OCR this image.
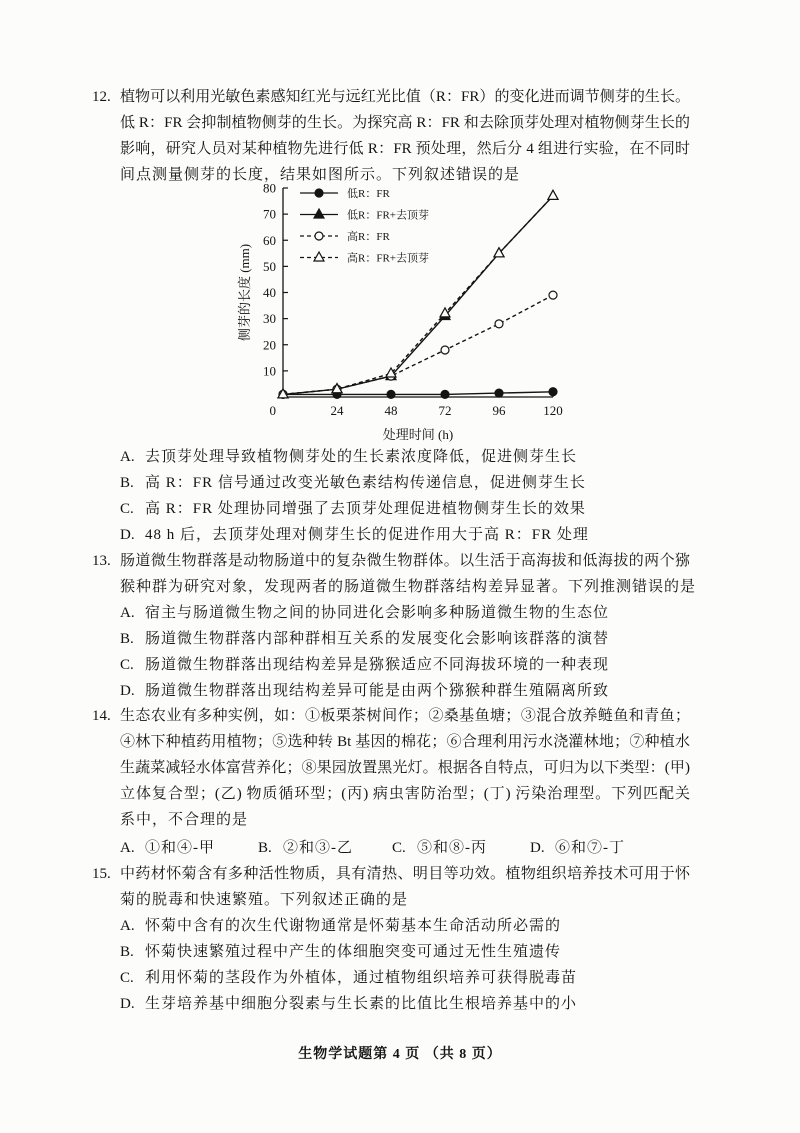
12. 植物可以利用光敏色素感知红光与远红光比值（R：FR）的变化进而调节侧芽的生长。
低 R：FR 会抑制植物侧芽的生长。为探究高 R：FR 和去除顶芽处理对植物侧芽生长的
影响，研究人员对某种植物先进行低 R：FR 预处理，然后分 4 组进行实验，在不同时
间点测量侧芽的长度，结果如图所示。下列叙述错误的是
10
20
30
40
50
60
70
80
0	24	48	72	96	120
处理时间 (h)
侧芽的长度 (mm)
低R：FR
低R：FR+去顶芽
高R：FR
高R：FR+去顶芽
A. 去顶芽处理导致植物侧芽处的生长素浓度降低，促进侧芽生长
B. 高 R：FR 信号通过改变光敏色素结构传递信息，促进侧芽生长
C. 高 R：FR 处理协同增强了去顶芽处理促进植物侧芽生长的效果
D. 48 h 后，去顶芽处理对侧芽生长的促进作用大于高 R：FR 处理
13. 肠道微生物群落是动物肠道中的复杂微生物群体。以生活于高海拔和低海拔的两个猕
猴种群为研究对象，发现两者的肠道微生物群落结构差异显著。下列推测错误的是
A. 宿主与肠道微生物之间的协同进化会影响多种肠道微生物的生态位
B. 肠道微生物群落内部种群相互关系的发展变化会影响该群落的演替
C. 肠道微生物群落出现结构差异是猕猴适应不同海拔环境的一种表现
D. 肠道微生物群落出现结构差异可能是由两个猕猴种群生殖隔离所致
14. 生态农业有多种实例，如：①板栗茶树间作；②桑基鱼塘；③混合放养鲢鱼和青鱼；
④林下种植药用植物；⑤选种转 Bt 基因的棉花；⑥合理利用污水浇灌林地；⑦种植水
生蔬菜减轻水体富营养化；⑧果园放置黑光灯。根据各自特点，可归为以下类型：(甲)
立体复合型；(乙) 物质循环型；(丙) 病虫害防治型；(丁) 污染治理型。下列匹配关
系中，不合理的是
A. ①和④-甲	B. ②和③-乙	C. ⑤和⑧-丙	D. ⑥和⑦-丁
15. 中药材怀菊含有多种活性物质，具有清热、明目等功效。植物组织培养技术可用于怀
菊的脱毒和快速繁殖。下列叙述正确的是
A. 怀菊中含有的次生代谢物通常是怀菊基本生命活动所必需的
B. 怀菊快速繁殖过程中产生的体细胞突变可通过无性生殖遗传
C. 利用怀菊的茎段作为外植体，通过植物组织培养可获得脱毒苗
D. 生芽培养基中细胞分裂素与生长素的比值比生根培养基中的小
生物学试题第 4 页 （共 8 页）
